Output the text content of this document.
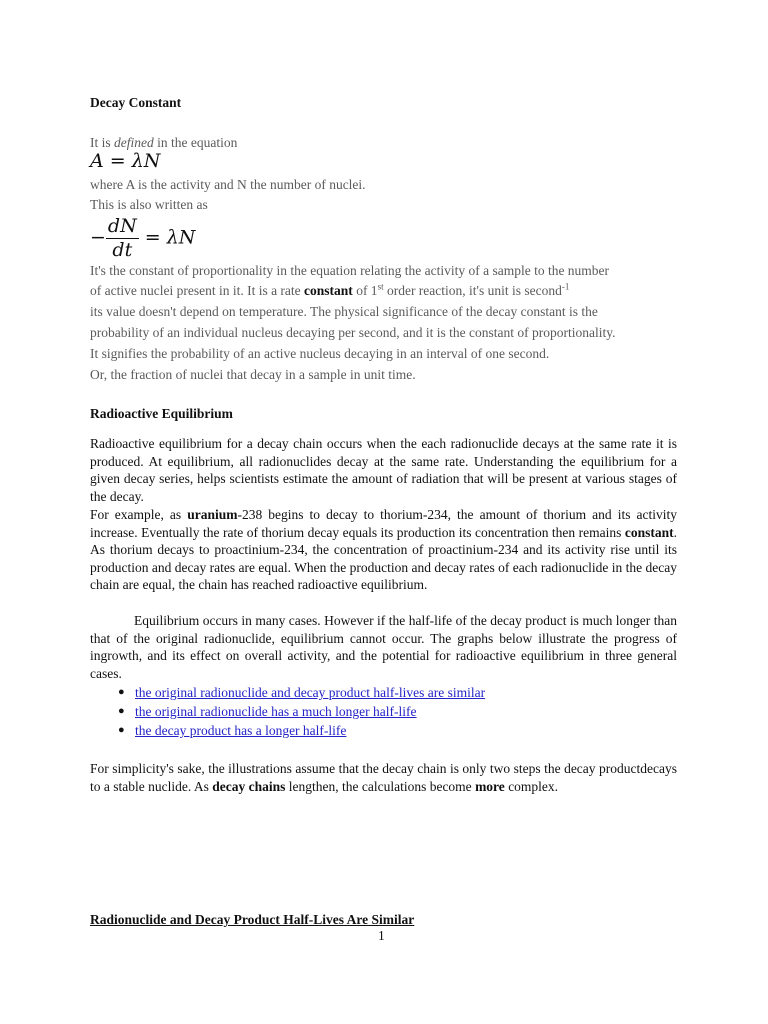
Decay Constant
It is defined in the equation
A = λN
where A is the activity and N the number of nuclei.
This is also written as
− $\frac{dN}{dt} = \lambda N$
It's the constant of proportionality in the equation relating the activity of a sample to the number
of active nuclei present in it. It is a rate constant of 1st order reaction, it's unit is second$^{-1}$
its value doesn't depend on temperature. The physical significance of the decay constant is the
probability of an individual nucleus decaying per second, and it is the constant of proportionality.
It signifies the probability of an active nucleus decaying in an interval of one second.
Or, the fraction of nuclei that decay in a sample in unit time.
Radioactive Equilibrium
Radioactive equilibrium for a decay chain occurs when the each radionuclide decays at the same rate it is produced. At equilibrium, all radionuclides decay at the same rate. Understanding the equilibrium for a given decay series, helps scientists estimate the amount of radiation that will be present at various stages of the decay.
For example, as uranium-238 begins to decay to thorium-234, the amount of thorium and its activity increase. Eventually the rate of thorium decay equals its production its concentration then remains constant. As thorium decays to proactinium-234, the concentration of proactinium-234 and its activity rise until its production and decay rates are equal. When the production and decay rates of each radionuclide in the decay chain are equal, the chain has reached radioactive equilibrium.
Equilibrium occurs in many cases. However if the half-life of the decay product is much longer than that of the original radionuclide, equilibrium cannot occur. The graphs below illustrate the progress of ingrowth, and its effect on overall activity, and the potential for radioactive equilibrium in three general cases.
● the original radionuclide and decay product half-lives are similar
● the original radionuclide has a much longer half-life
● the decay product has a longer half-life
For simplicity's sake, the illustrations assume that the decay chain is only two steps the decay productdecays to a stable nuclide. As decay chains lengthen, the calculations become more complex.
Radionuclide and Decay Product Half-Lives Are Similar
1
